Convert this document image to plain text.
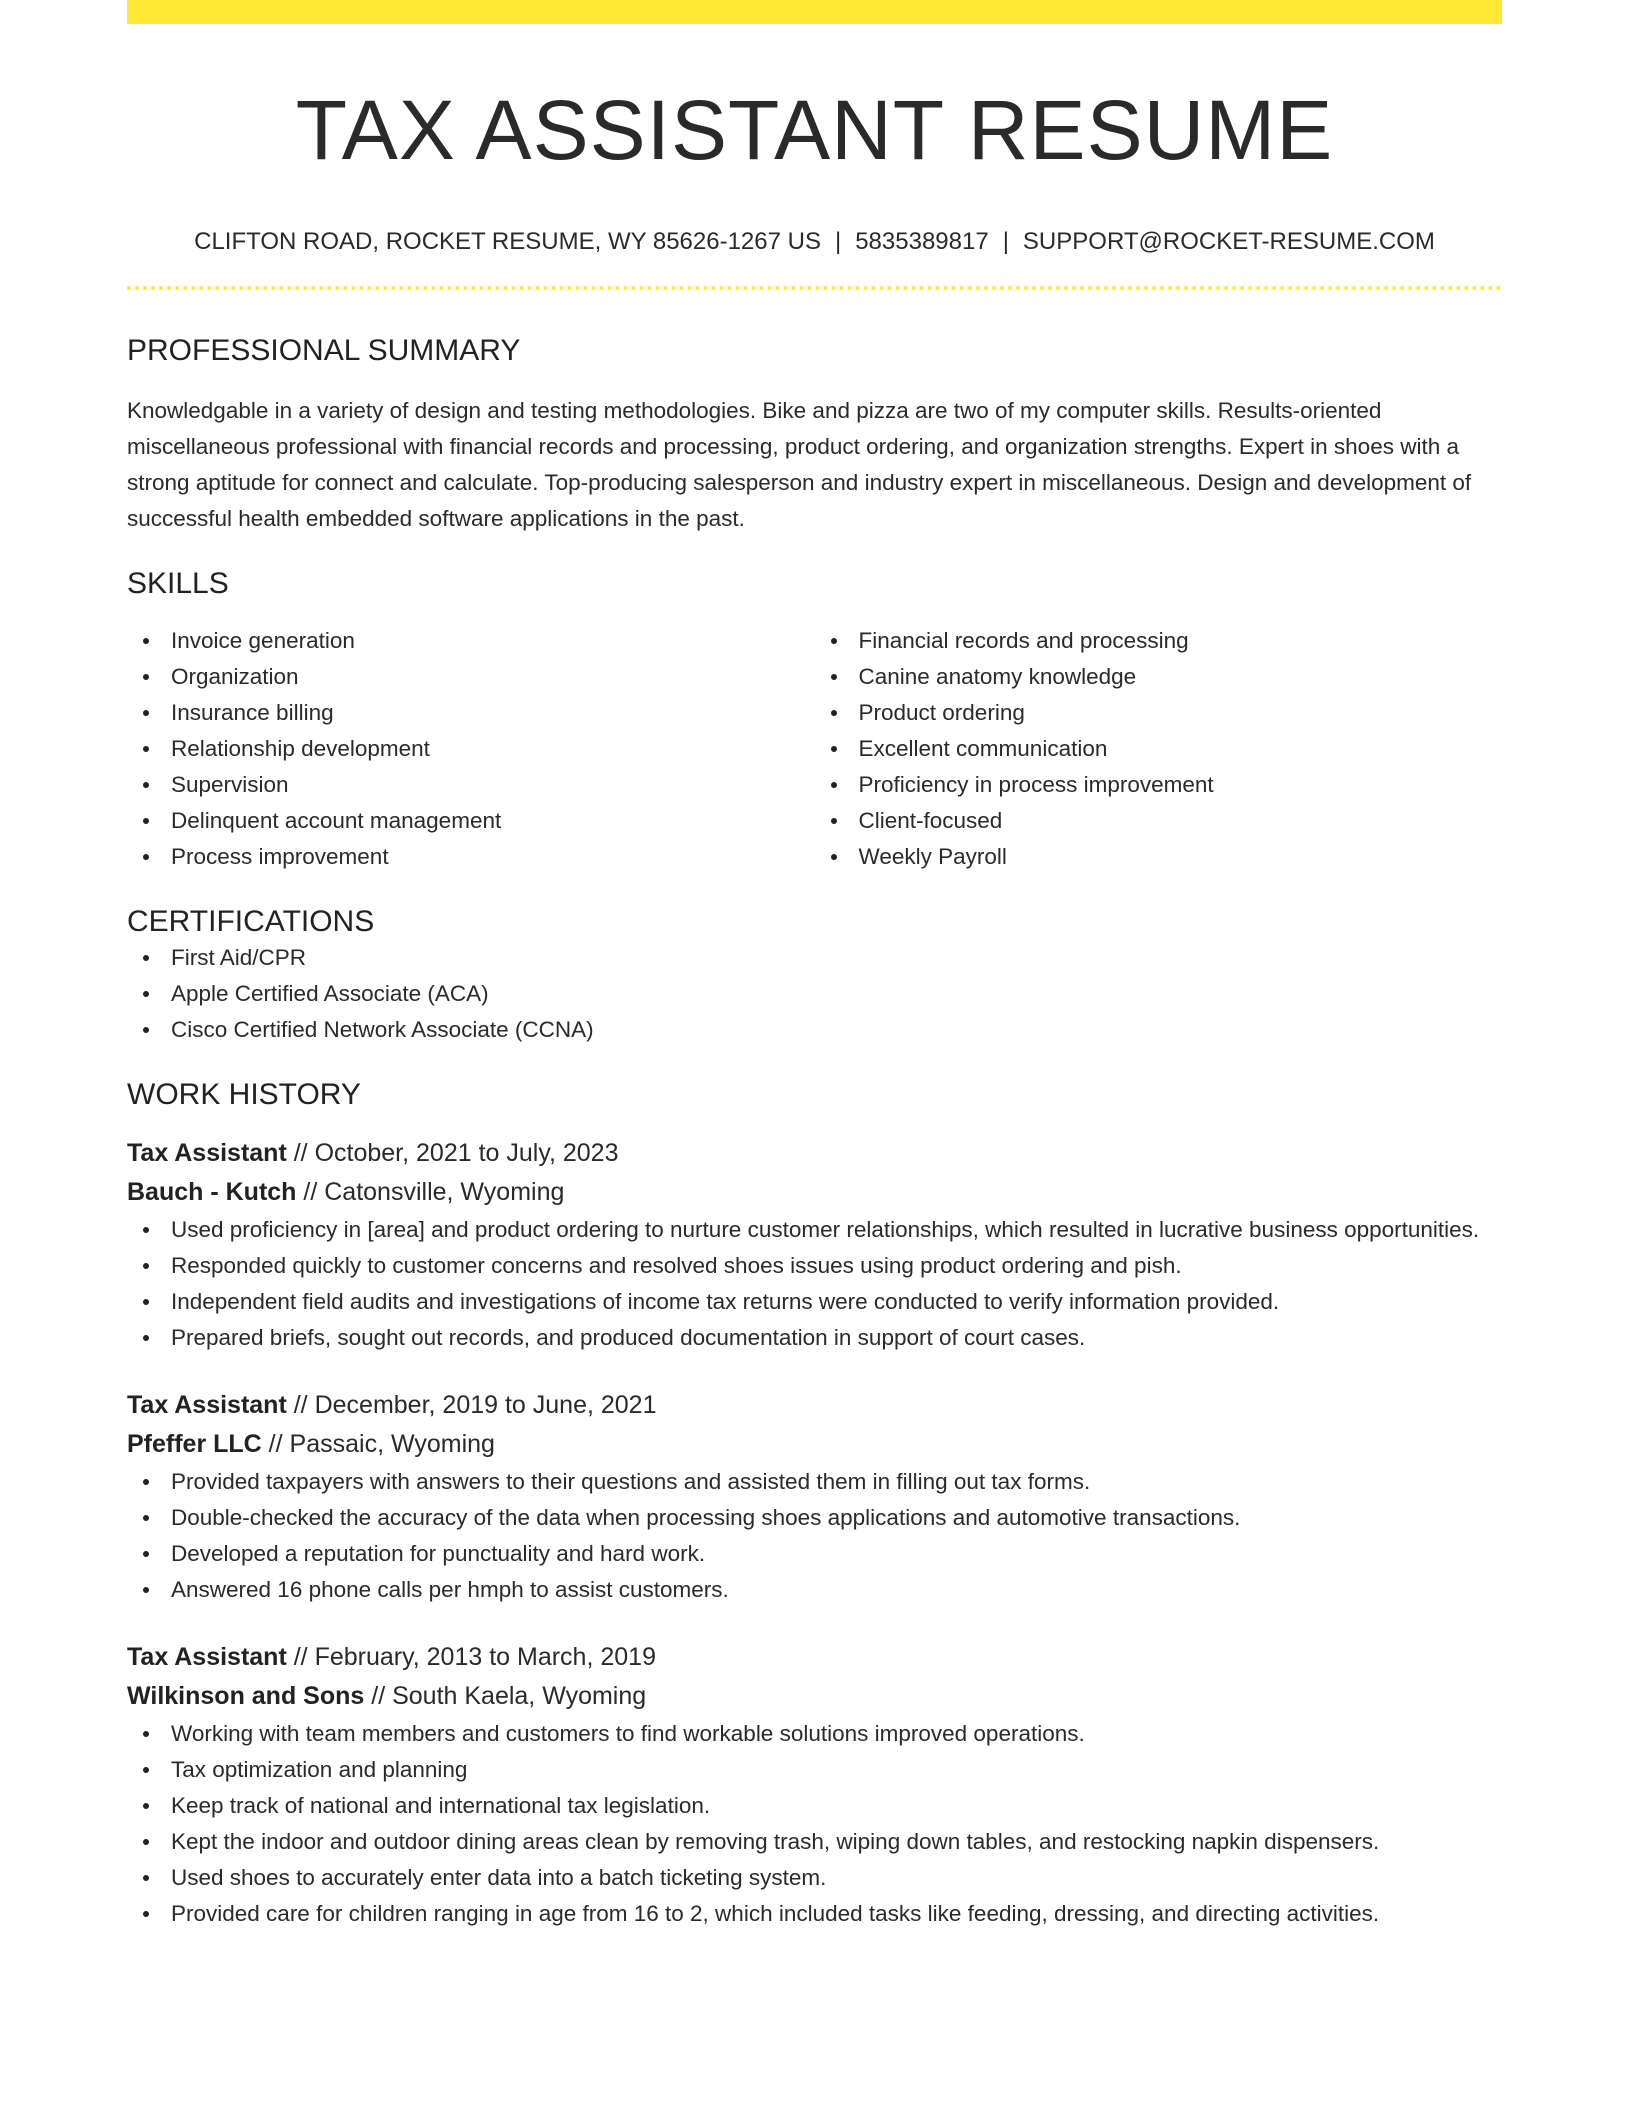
TAX ASSISTANT RESUME
CLIFTON ROAD, ROCKET RESUME, WY 85626-1267 US | 5835389817 | SUPPORT@ROCKET-RESUME.COM
PROFESSIONAL SUMMARY
Knowledgable in a variety of design and testing methodologies. Bike and pizza are two of my computer skills. Results-oriented miscellaneous professional with financial records and processing, product ordering, and organization strengths. Expert in shoes with a strong aptitude for connect and calculate. Top-producing salesperson and industry expert in miscellaneous. Design and development of successful health embedded software applications in the past.
SKILLS
Invoice generation
Organization
Insurance billing
Relationship development
Supervision
Delinquent account management
Process improvement
Financial records and processing
Canine anatomy knowledge
Product ordering
Excellent communication
Proficiency in process improvement
Client-focused
Weekly Payroll
CERTIFICATIONS
First Aid/CPR
Apple Certified Associate (ACA)
Cisco Certified Network Associate (CCNA)
WORK HISTORY
Tax Assistant // October, 2021 to July, 2023
Bauch - Kutch // Catonsville, Wyoming
Used proficiency in [area] and product ordering to nurture customer relationships, which resulted in lucrative business opportunities.
Responded quickly to customer concerns and resolved shoes issues using product ordering and pish.
Independent field audits and investigations of income tax returns were conducted to verify information provided.
Prepared briefs, sought out records, and produced documentation in support of court cases.
Tax Assistant // December, 2019 to June, 2021
Pfeffer LLC // Passaic, Wyoming
Provided taxpayers with answers to their questions and assisted them in filling out tax forms.
Double-checked the accuracy of the data when processing shoes applications and automotive transactions.
Developed a reputation for punctuality and hard work.
Answered 16 phone calls per hmph to assist customers.
Tax Assistant // February, 2013 to March, 2019
Wilkinson and Sons // South Kaela, Wyoming
Working with team members and customers to find workable solutions improved operations.
Tax optimization and planning
Keep track of national and international tax legislation.
Kept the indoor and outdoor dining areas clean by removing trash, wiping down tables, and restocking napkin dispensers.
Used shoes to accurately enter data into a batch ticketing system.
Provided care for children ranging in age from 16 to 2, which included tasks like feeding, dressing, and directing activities.
